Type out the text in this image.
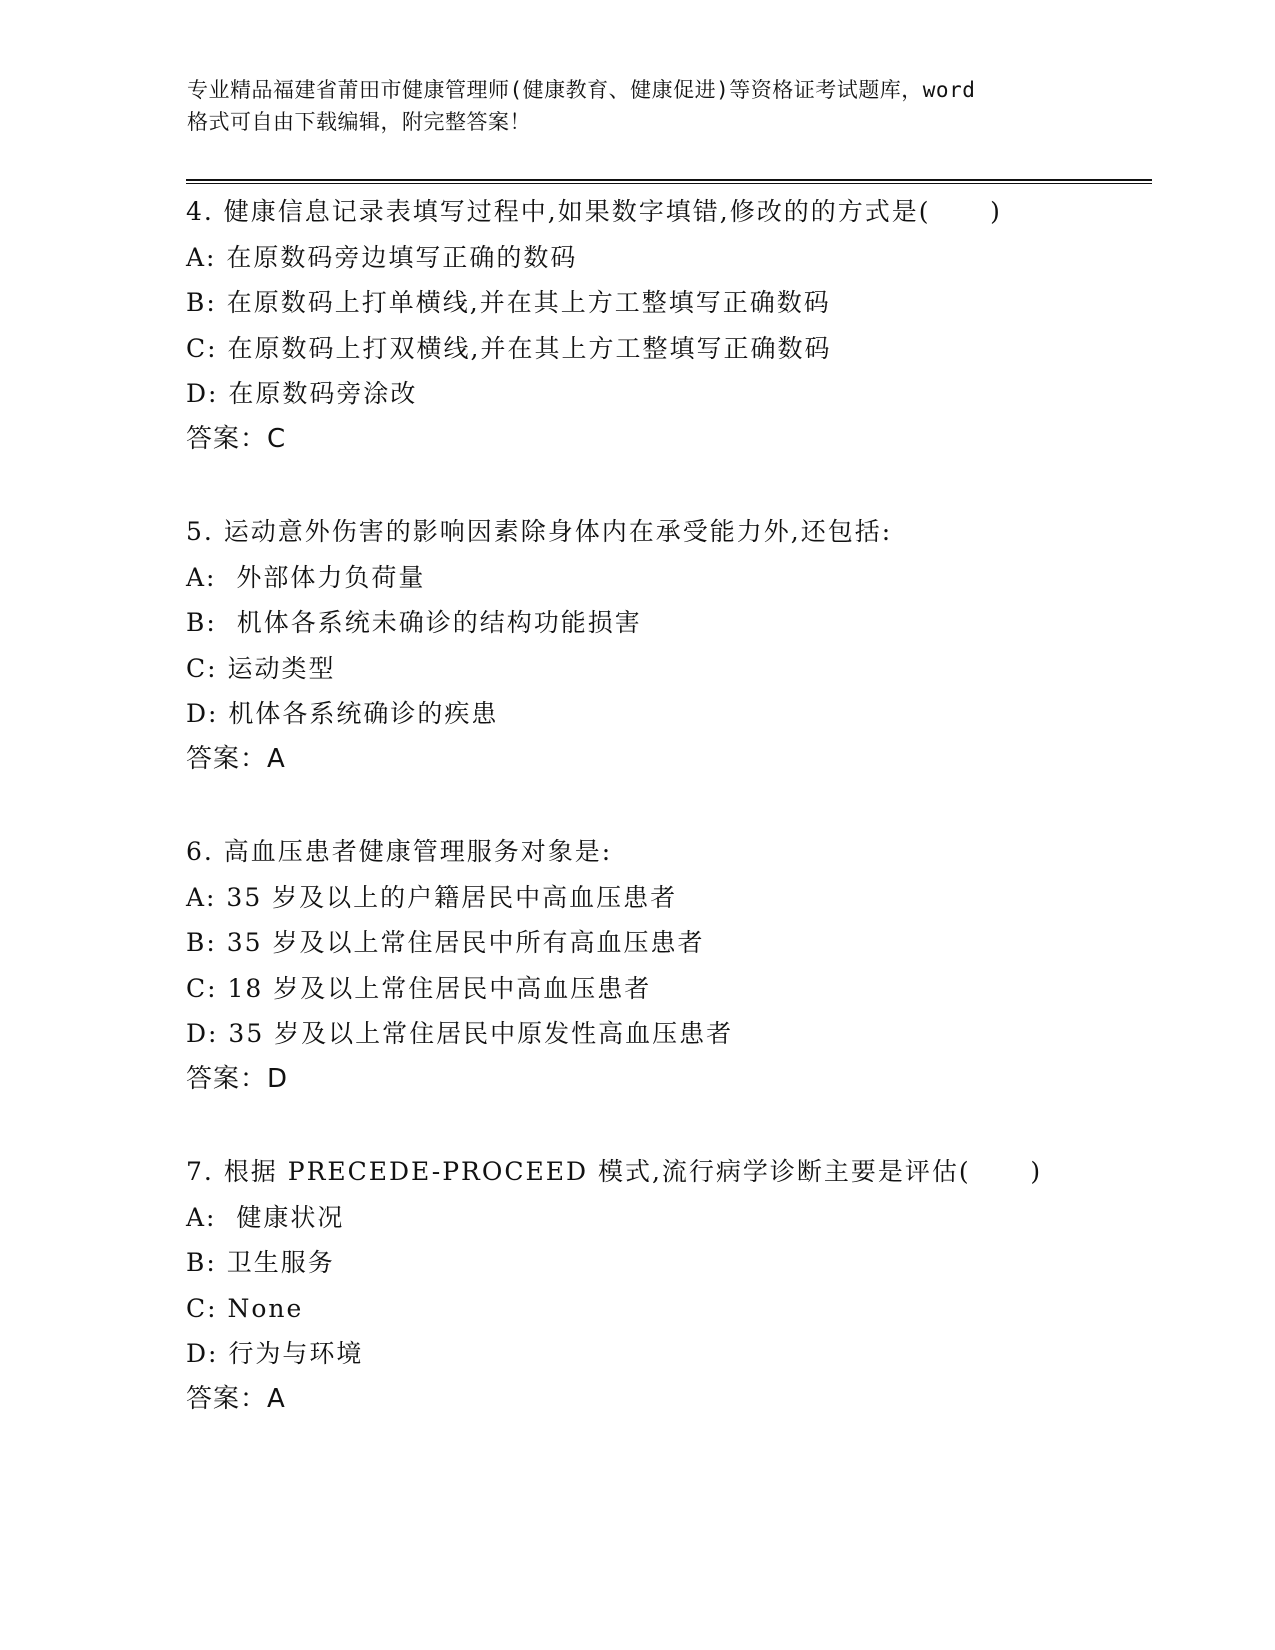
专业精品福建省莆田市健康管理师(健康教育、健康促进)等资格证考试题库，word
格式可自由下载编辑，附完整答案！
4. 健康信息记录表填写过程中,如果数字填错,修改的的方式是(      )
A: 在原数码旁边填写正确的数码
B: 在原数码上打单横线,并在其上方工整填写正确数码
C: 在原数码上打双横线,并在其上方工整填写正确数码
D: 在原数码旁涂改
答案：C
5. 运动意外伤害的影响因素除身体内在承受能力外,还包括:
A:  外部体力负荷量
B:  机体各系统未确诊的结构功能损害
C: 运动类型
D: 机体各系统确诊的疾患
答案：A
6. 高血压患者健康管理服务对象是:
A: 35 岁及以上的户籍居民中高血压患者
B: 35 岁及以上常住居民中所有高血压患者
C: 18 岁及以上常住居民中高血压患者
D: 35 岁及以上常住居民中原发性高血压患者
答案：D
7. 根据 PRECEDE-PROCEED 模式,流行病学诊断主要是评估(      )
A:  健康状况
B: 卫生服务
C: None
D: 行为与环境
答案：A
